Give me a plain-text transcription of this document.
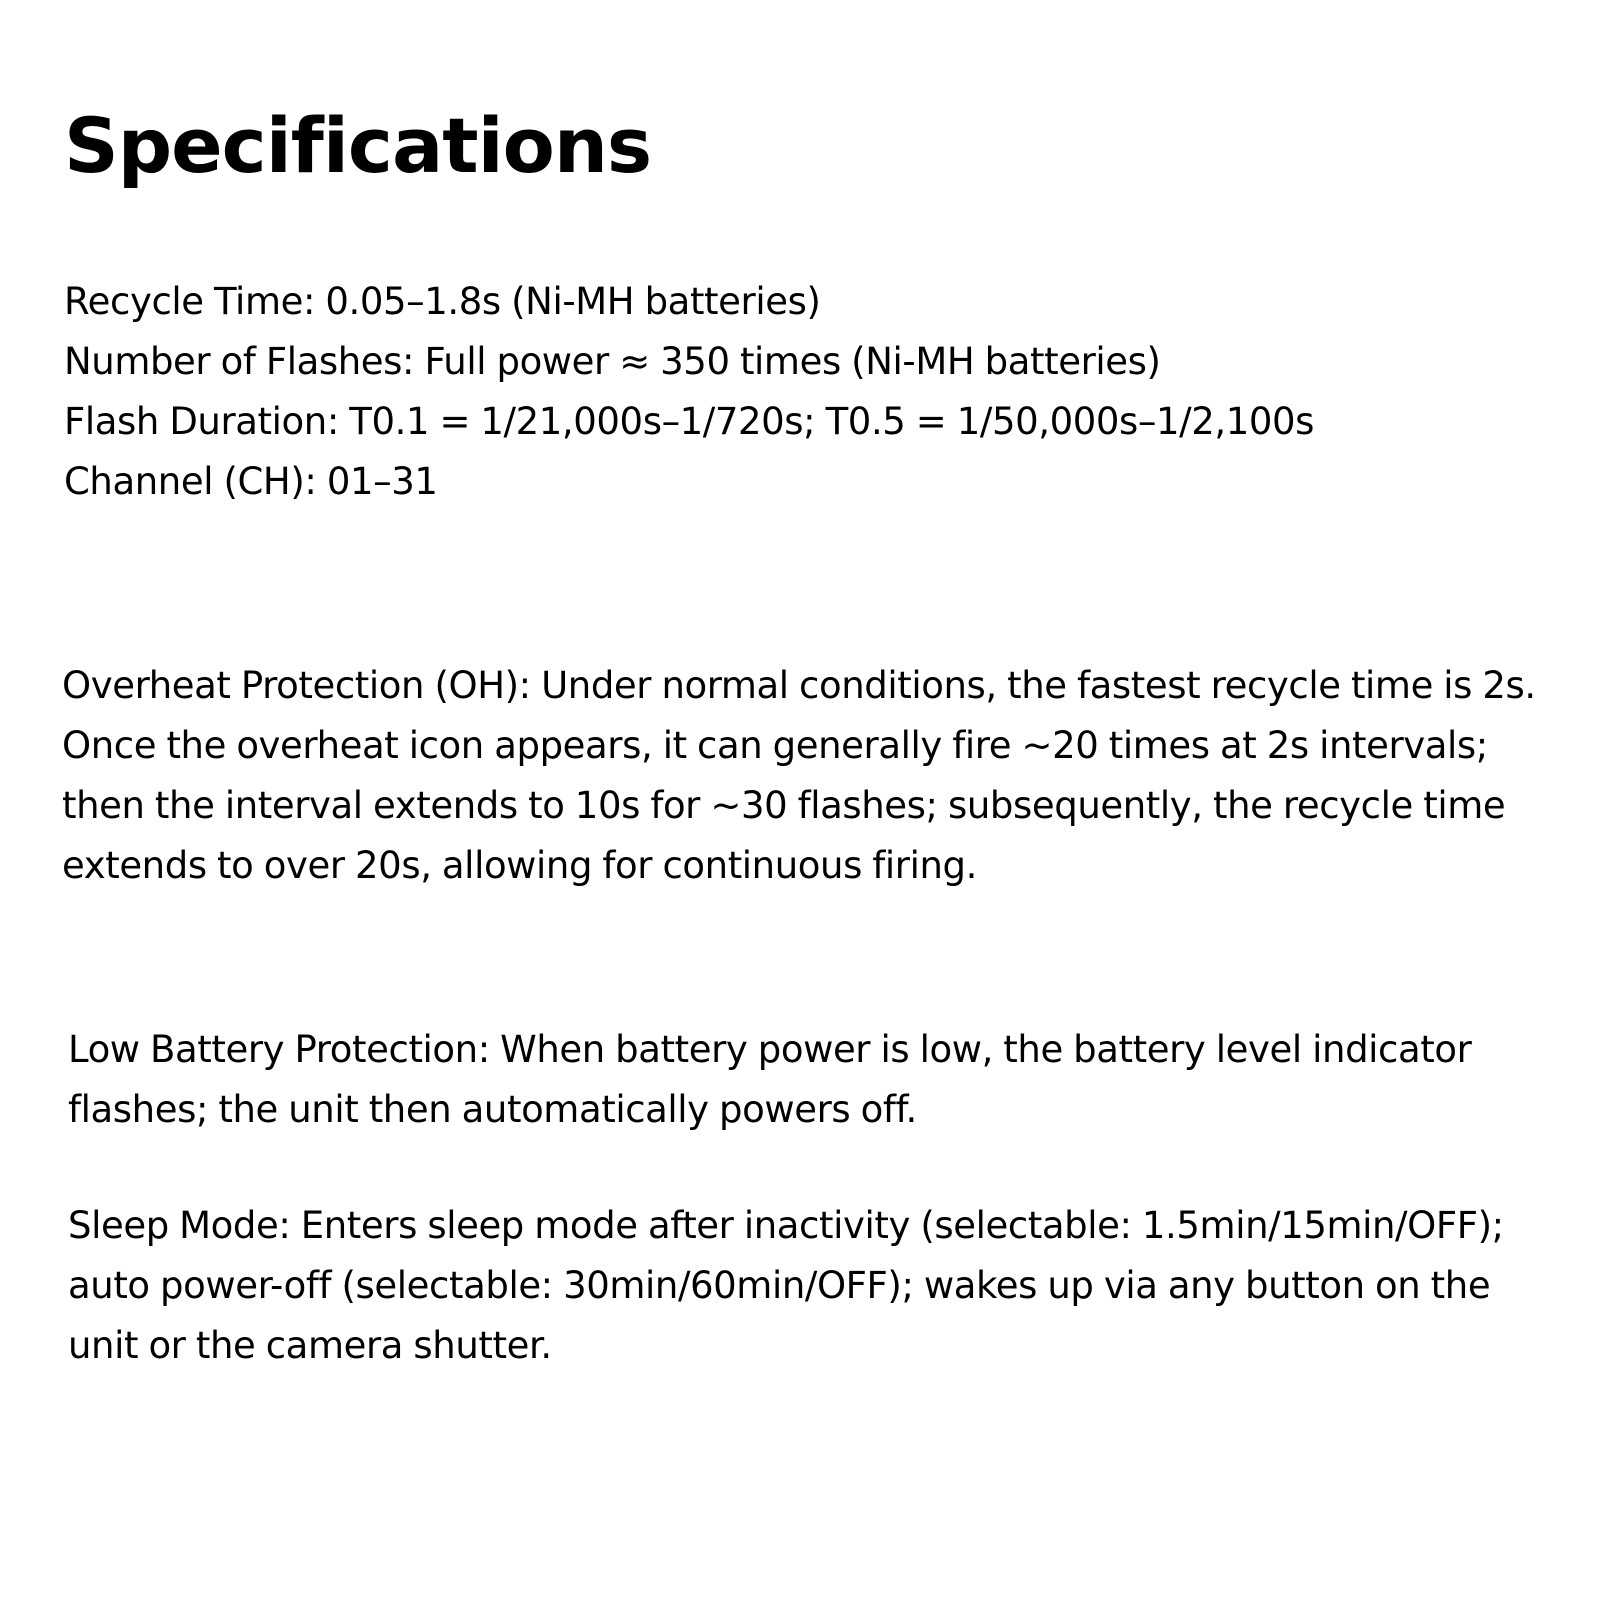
Specifications
Recycle Time: 0.05–1.8s (Ni-MH batteries)
Number of Flashes: Full power ≈ 350 times (Ni-MH batteries)
Flash Duration: T0.1 = 1/21,000s–1/720s; T0.5 = 1/50,000s–1/2,100s
Channel (CH): 01–31

Overheat Protection (OH): Under normal conditions, the fastest recycle time is 2s. Once the overheat icon appears, it can generally fire ~20 times at 2s intervals; then the interval extends to 10s for ~30 flashes; subsequently, the recycle time extends to over 20s, allowing for continuous firing.

Low Battery Protection: When battery power is low, the battery level indicator flashes; the unit then automatically powers off.

Sleep Mode: Enters sleep mode after inactivity (selectable: 1.5min/15min/OFF); auto power-off (selectable: 30min/60min/OFF); wakes up via any button on the unit or the camera shutter.
